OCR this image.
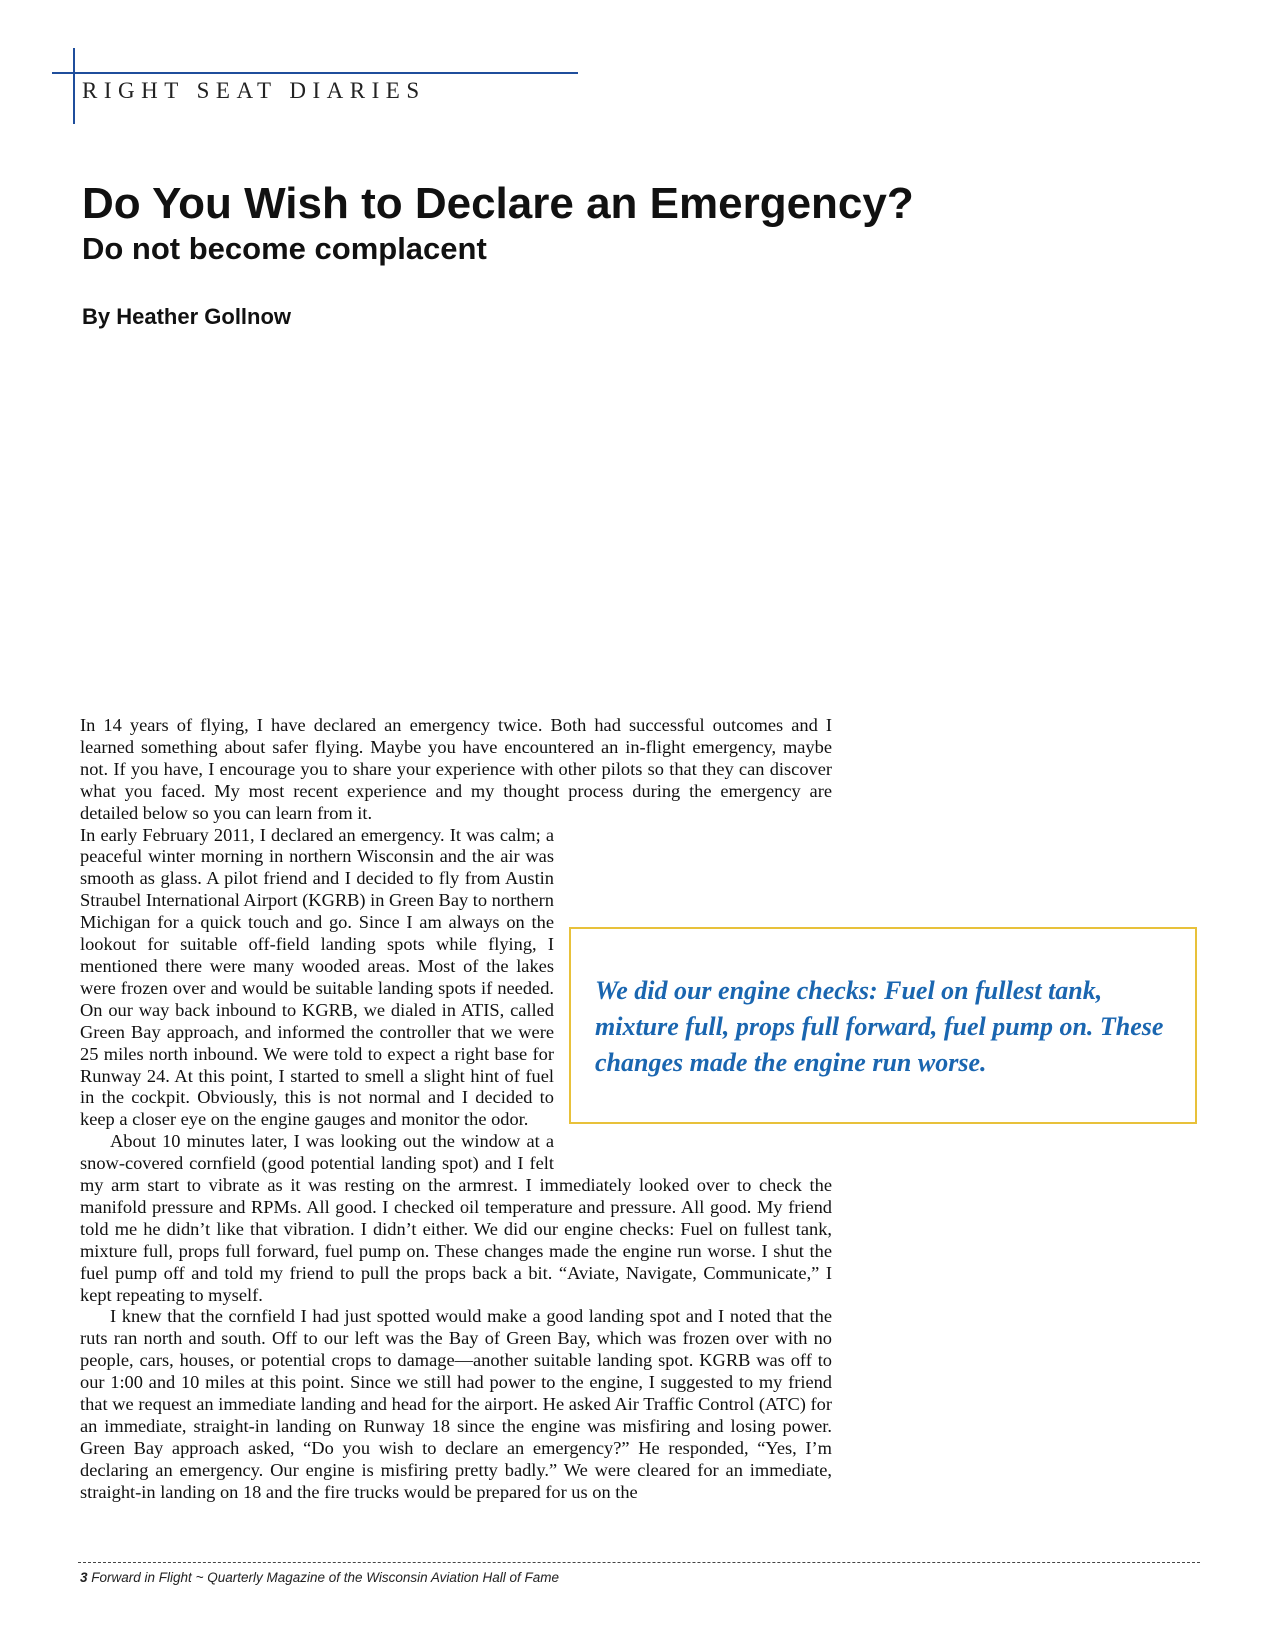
RIGHT SEAT DIARIES
Do You Wish to Declare an Emergency?
Do not become complacent

By Heather Gollnow

In 14 years of flying, I have declared an emergency twice. Both had successful outcomes and I learned something about safer flying. Maybe you have encountered an in-flight emergency, maybe not. If you have, I encourage you to share your experience with other pilots so that they can discover what you faced. My most recent experience and my thought process during the emergency are detailed below so you can learn from it.

In early February 2011, I declared an emergency. It was calm; a peaceful winter morning in northern Wisconsin and the air was smooth as glass. A pilot friend and I decided to fly from Austin Straubel International Airport (KGRB) in Green Bay to northern Michigan for a quick touch and go. Since I am always on the lookout for suitable off-field landing spots while flying, I mentioned there were many wooded areas. Most of the lakes were frozen over and would be suitable landing spots if needed. On our way back inbound to KGRB, we dialed in ATIS, called Green Bay approach, and informed the controller that we were 25 miles north inbound. We were told to expect a right base for Runway 24. At this point, I started to smell a slight hint of fuel in the cockpit. Obviously, this is not normal and I decided to keep a closer eye on the engine gauges and monitor the odor.

About 10 minutes later, I was looking out the window at a snow-covered cornfield (good potential landing spot) and I felt my arm start to vibrate as it was resting on the armrest. I immediately looked over to check the manifold pressure and RPMs. All good. I checked oil temperature and pressure. All good. My friend told me he didn’t like that vibration. I didn’t either. We did our engine checks: Fuel on fullest tank, mixture full, props full forward, fuel pump on. These changes made the engine run worse. I shut the fuel pump off and told my friend to pull the props back a bit. “Aviate, Navigate, Communicate,” I kept repeating to myself.

I knew that the cornfield I had just spotted would make a good landing spot and I noted that the ruts ran north and south. Off to our left was the Bay of Green Bay, which was frozen over with no people, cars, houses, or potential crops to damage—another suitable landing spot. KGRB was off to our 1:00 and 10 miles at this point. Since we still had power to the engine, I suggested to my friend that we request an immediate landing and head for the airport. He asked Air Traffic Control (ATC) for an immediate, straight-in landing on Runway 18 since the engine was misfiring and losing power. Green Bay approach asked, “Do you wish to declare an emergency?” He responded, “Yes, I’m declaring an emergency. Our engine is misfiring pretty badly.” We were cleared for an immediate, straight-in landing on 18 and the fire trucks would be prepared for us on the

We did our engine checks: Fuel on fullest tank, mixture full, props full forward, fuel pump on. These changes made the engine run worse.

3 Forward in Flight ~ Quarterly Magazine of the Wisconsin Aviation Hall of Fame
